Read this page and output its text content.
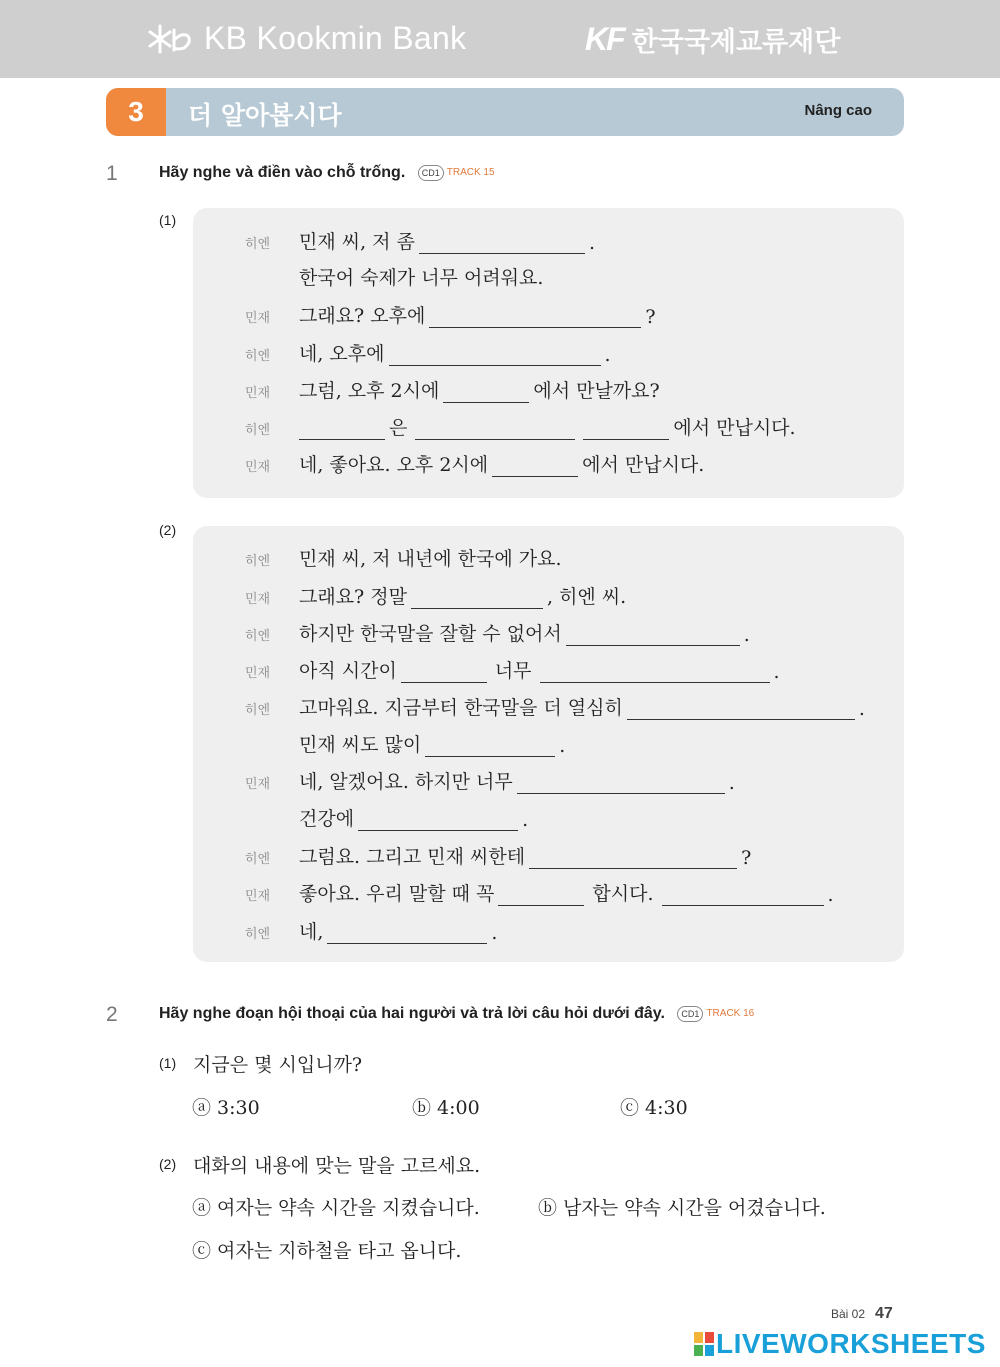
KB Kookmin Bank	KF 한국국제교류재단
3	더 알아봅시다	Nâng cao
1	Hãy nghe và điền vào chỗ trống. CD1 TRACK 15
(1)
히엔	민재 씨, 저 좀	.
한국어 숙제가 너무 어려워요.
민재	그래요? 오후에	?
히엔	네, 오후에	.
민재	그럼, 오후 2시에	에서 만날까요?
히엔	은	에서 만납시다.
민재	네, 좋아요. 오후 2시에	에서 만납시다.
(2)
히엔	민재 씨, 저 내년에 한국에 가요.
민재	그래요? 정말	, 히엔 씨.
히엔	하지만 한국말을 잘할 수 없어서	.
민재	아직 시간이	너무	.
히엔	고마워요. 지금부터 한국말을 더 열심히	.
민재 씨도 많이	.
민재	네, 알겠어요. 하지만 너무	.
건강에	.
히엔	그럼요. 그리고 민재 씨한테	?
민재	좋아요. 우리 말할 때 꼭	합시다.	.
히엔	네,	.
2	Hãy nghe đoạn hội thoại của hai người và trả lời câu hỏi dưới đây. CD1 TRACK 16
(1) 지금은 몇 시입니까?
ⓐ 3:30	ⓑ 4:00	ⓒ 4:30
(2) 대화의 내용에 맞는 말을 고르세요.
ⓐ 여자는 약속 시간을 지켰습니다.	ⓑ 남자는 약속 시간을 어겼습니다.
ⓒ 여자는 지하철을 타고 옵니다.
Bài 02 47
LIVEWORKSHEETS
